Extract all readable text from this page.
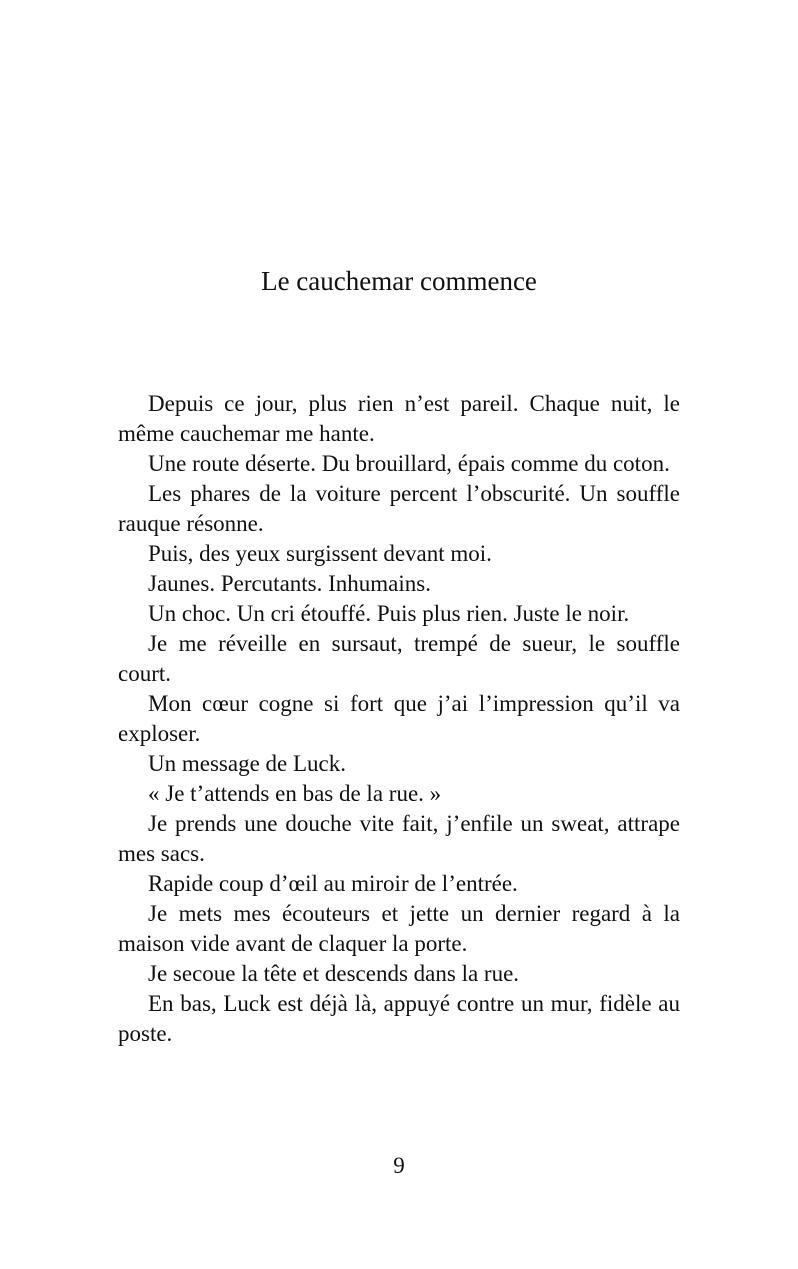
Le cauchemar commence

Depuis ce jour, plus rien n’est pareil. Chaque nuit, le même cauchemar me hante.

Une route déserte. Du brouillard, épais comme du coton.

Les phares de la voiture percent l’obscurité. Un souffle rauque résonne.

Puis, des yeux surgissent devant moi.

Jaunes. Percutants. Inhumains.

Un choc. Un cri étouffé. Puis plus rien. Juste le noir.

Je me réveille en sursaut, trempé de sueur, le souffle court.

Mon cœur cogne si fort que j’ai l’impression qu’il va exploser.

Un message de Luck.

« Je t’attends en bas de la rue. »

Je prends une douche vite fait, j’enfile un sweat, attrape mes sacs.

Rapide coup d’œil au miroir de l’entrée.

Je mets mes écouteurs et jette un dernier regard à la maison vide avant de claquer la porte.

Je secoue la tête et descends dans la rue.

En bas, Luck est déjà là, appuyé contre un mur, fidèle au poste.

9
